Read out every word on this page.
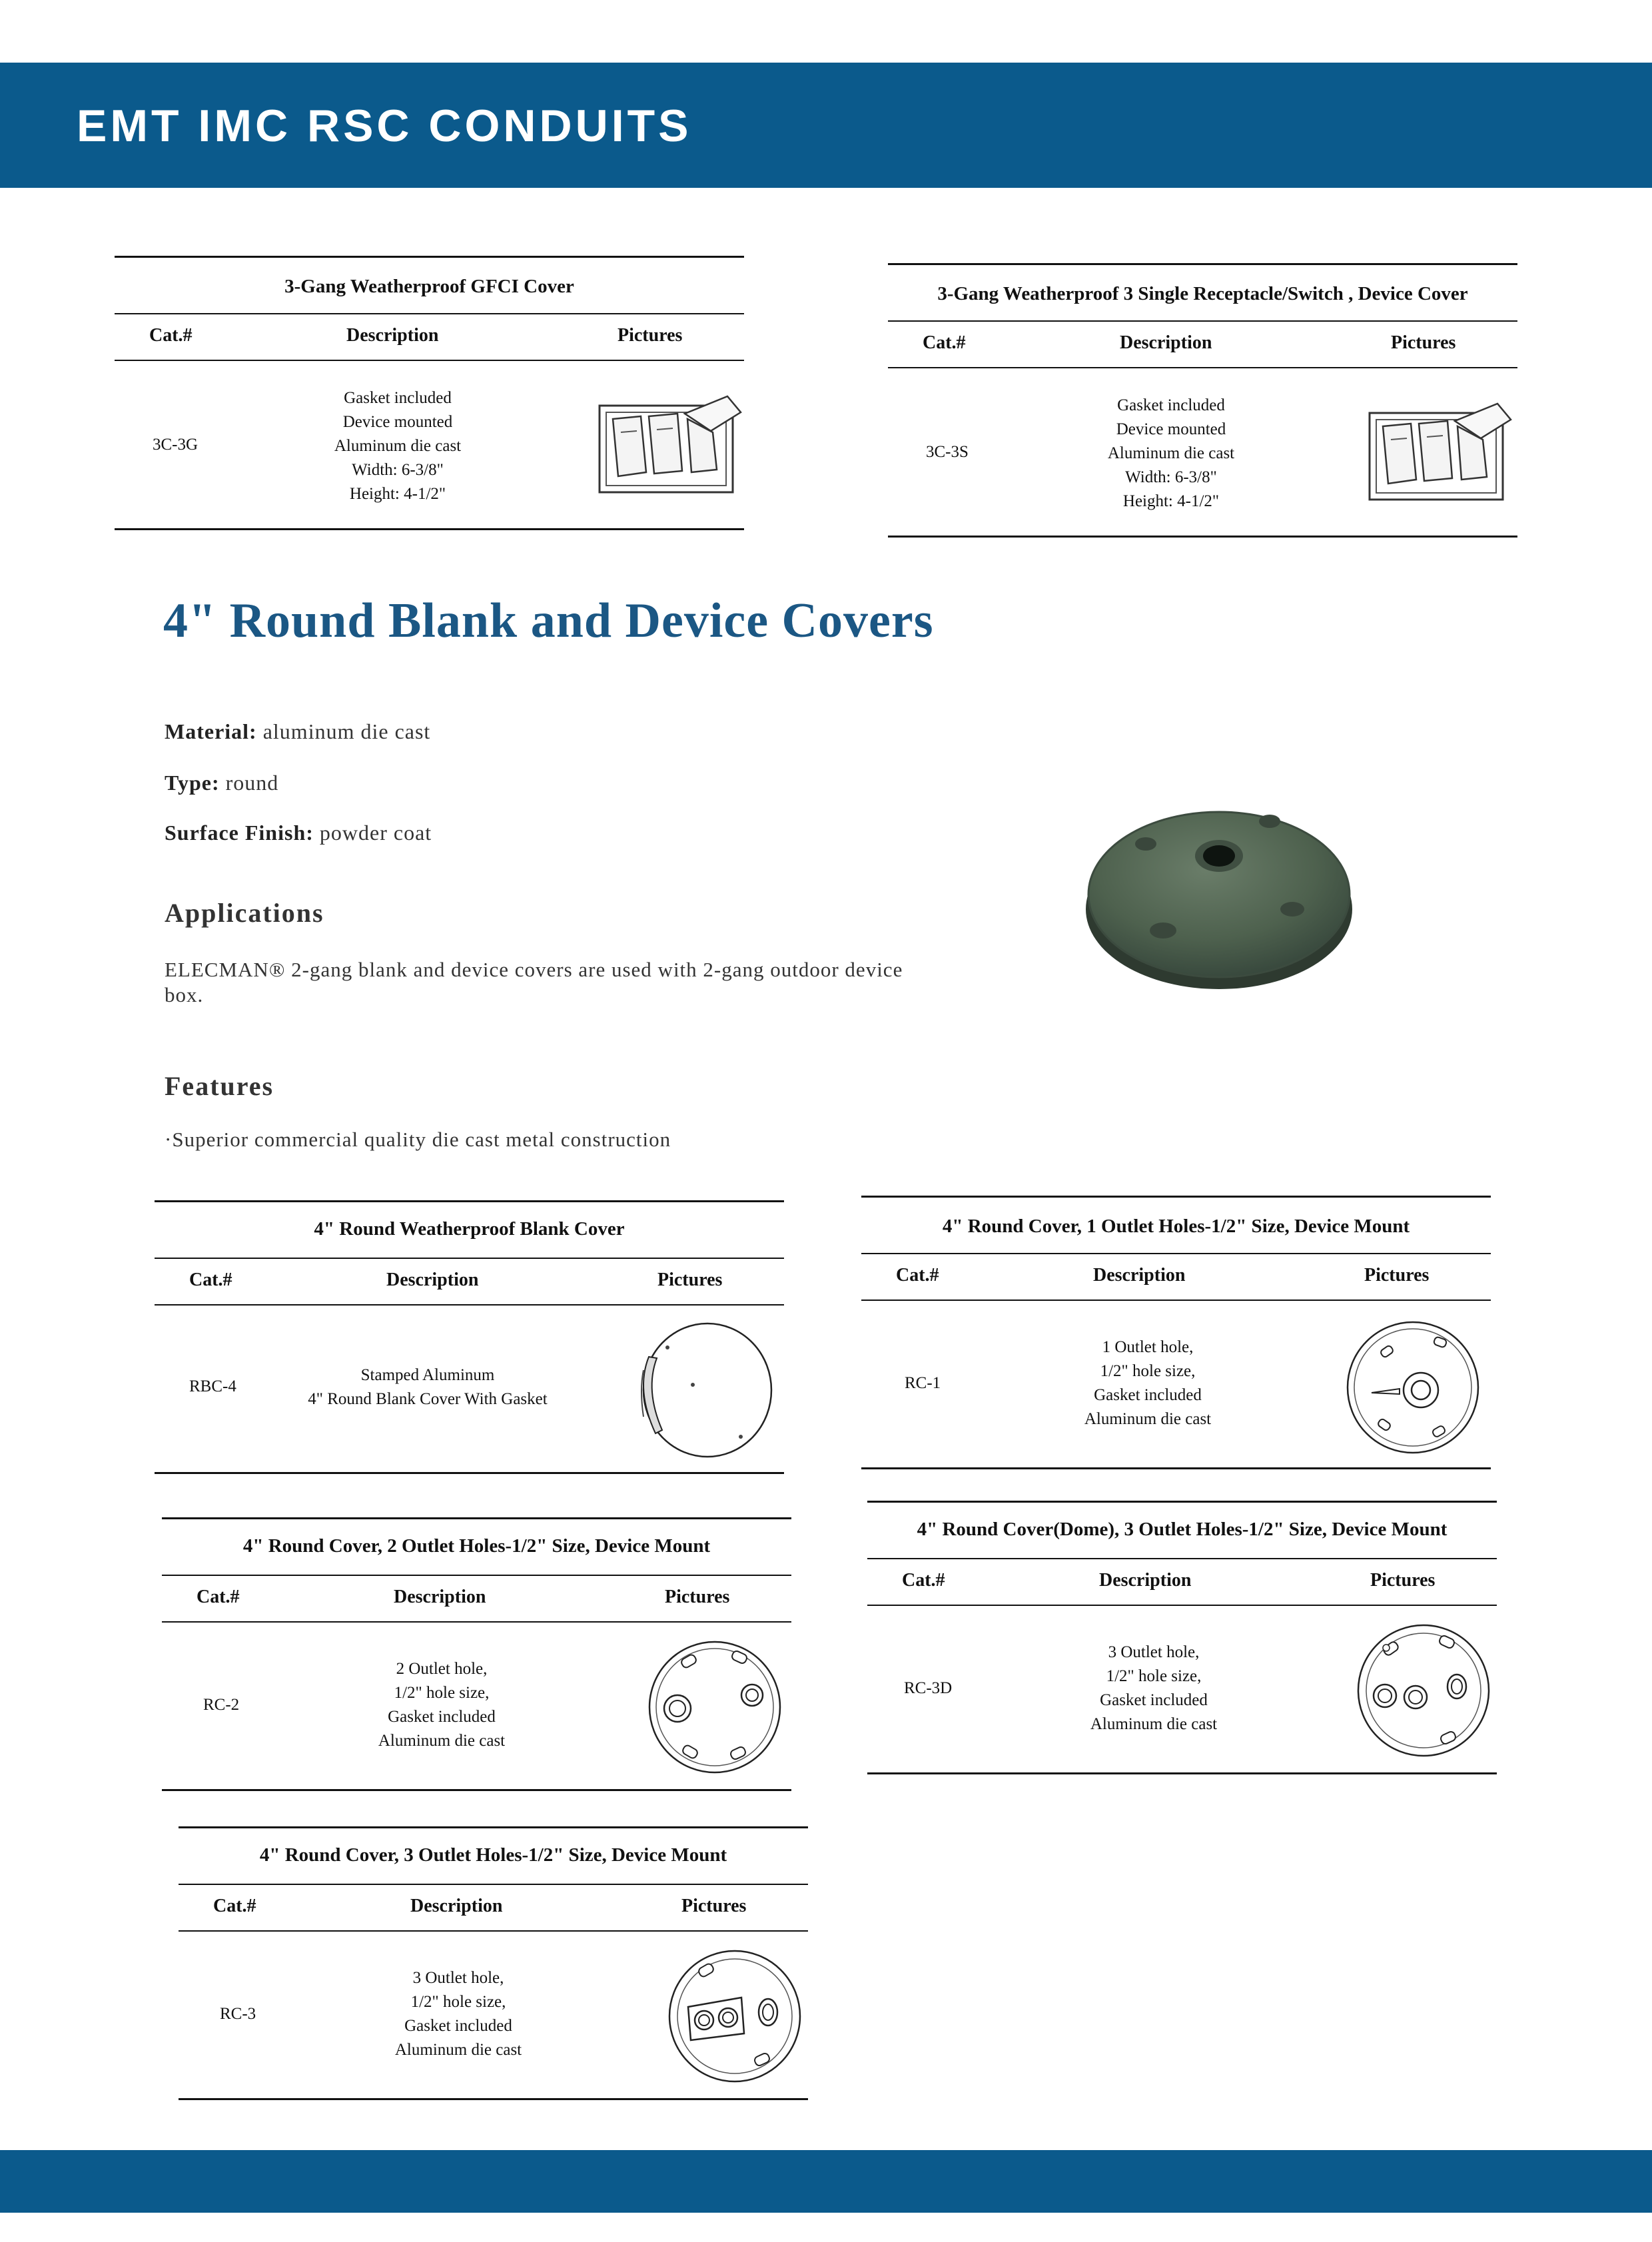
EMT IMC RSC CONDUITS
3-Gang Weatherproof GFCI Cover
Cat.#	Description	Pictures
3C-3G
Gasket included
Device mounted
Aluminum die cast
Width: 6-3/8"
Height: 4-1/2"
3-Gang Weatherproof 3 Single Receptacle/Switch , Device Cover
Cat.#	Description	Pictures
3C-3S
Gasket included
Device mounted
Aluminum die cast
Width: 6-3/8"
Height: 4-1/2"
4" Round Blank and Device Covers
Material: aluminum die cast
Type: round
Surface Finish: powder coat
Applications
ELECMAN® 2-gang blank and device covers are used with 2-gang outdoor device box.
Features
·Superior commercial quality die cast metal construction
4" Round Weatherproof Blank Cover
Cat.#	Description	Pictures
RBC-4
Stamped Aluminum
4" Round Blank Cover With Gasket
4" Round Cover, 1 Outlet Holes-1/2" Size, Device Mount
Cat.#	Description	Pictures
RC-1
1 Outlet hole,
1/2" hole size,
Gasket included
Aluminum die cast
4" Round Cover, 2 Outlet Holes-1/2" Size, Device Mount
Cat.#	Description	Pictures
RC-2
2 Outlet hole,
1/2" hole size,
Gasket included
Aluminum die cast
4" Round Cover(Dome), 3 Outlet Holes-1/2" Size, Device Mount
Cat.#	Description	Pictures
RC-3D
3 Outlet hole,
1/2" hole size,
Gasket included
Aluminum die cast
4" Round Cover, 3 Outlet Holes-1/2" Size, Device Mount
Cat.#	Description	Pictures
RC-3
3 Outlet hole,
1/2" hole size,
Gasket included
Aluminum die cast
